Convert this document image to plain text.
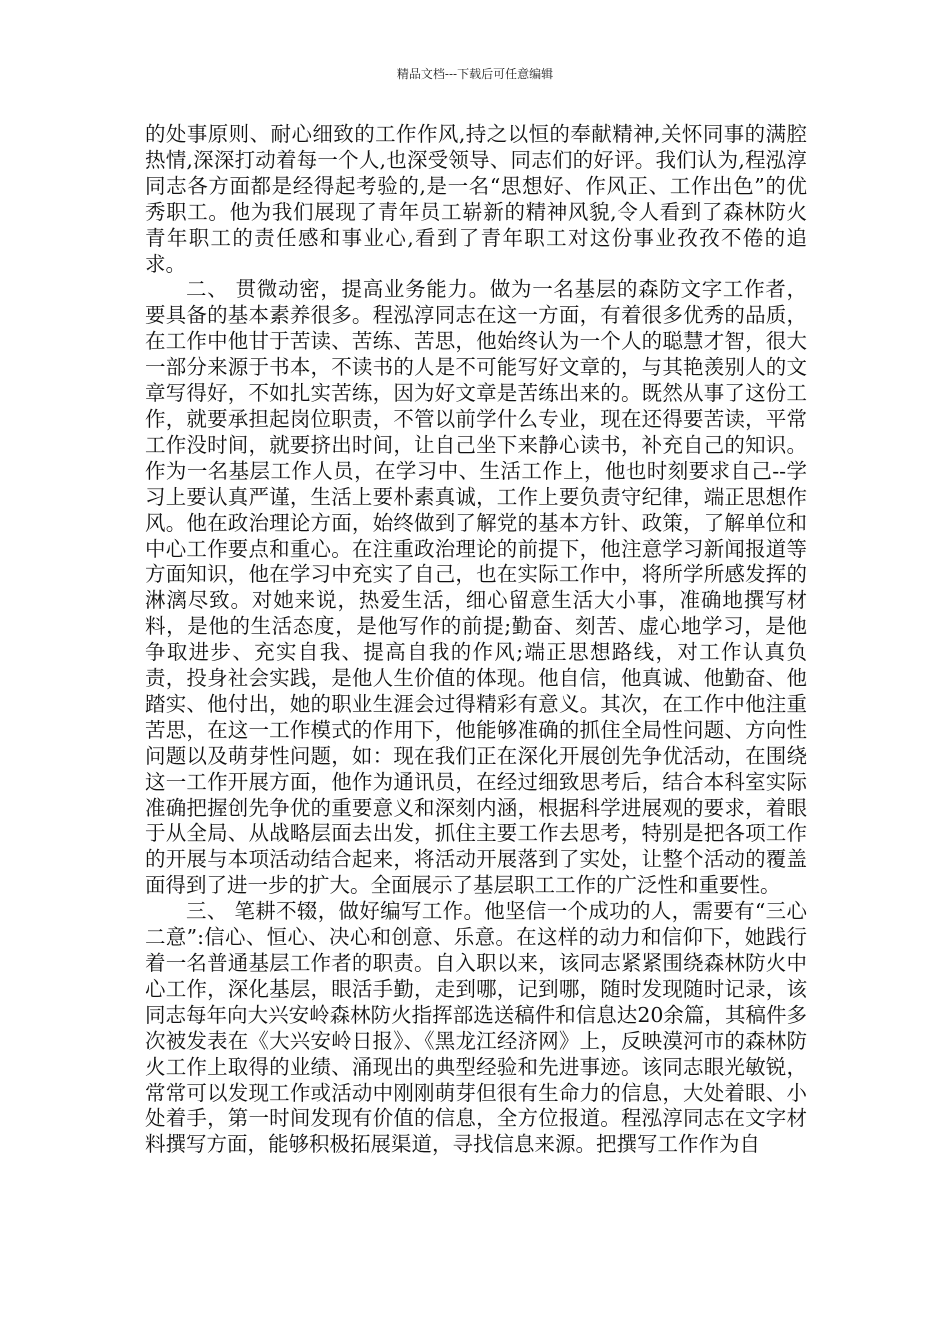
精品文档---下载后可任意编辑

的处事原则、耐心细致的工作作风,持之以恒的奉献精神,关怀同事的满腔热情,深深打动着每一个人,也深受领导、同志们的好评。我们认为,程泓淳同志各方面都是经得起考验的,是一名“思想好、作风正、工作出色”的优秀职工。他为我们展现了青年员工崭新的精神风貌,令人看到了森林防火青年职工的责任感和事业心,看到了青年职工对这份事业孜孜不倦的追求。

二、 贯微动密，提高业务能力。做为一名基层的森防文字工作者，要具备的基本素养很多。程泓淳同志在这一方面，有着很多优秀的品质，在工作中他甘于苦读、苦练、苦思，他始终认为一个人的聪慧才智，很大一部分来源于书本，不读书的人是不可能写好文章的，与其艳羡别人的文章写得好，不如扎实苦练，因为好文章是苦练出来的。既然从事了这份工作，就要承担起岗位职责，不管以前学什么专业，现在还得要苦读，平常工作没时间，就要挤出时间，让自己坐下来静心读书，补充自己的知识。作为一名基层工作人员，在学习中、生活工作上，他也时刻要求自己--学习上要认真严谨，生活上要朴素真诚，工作上要负责守纪律，端正思想作风。他在政治理论方面，始终做到了解党的基本方针、政策，了解单位和中心工作要点和重心。在注重政治理论的前提下，他注意学习新闻报道等方面知识，他在学习中充实了自己，也在实际工作中，将所学所感发挥的淋漓尽致。对她来说，热爱生活，细心留意生活大小事，准确地撰写材料，是他的生活态度，是他写作的前提;勤奋、刻苦、虚心地学习，是他争取进步、充实自我、提高自我的作风;端正思想路线，对工作认真负责，投身社会实践，是他人生价值的体现。他自信，他真诚、他勤奋、他踏实、他付出，她的职业生涯会过得精彩有意义。其次，在工作中他注重苦思，在这一工作模式的作用下，他能够准确的抓住全局性问题、方向性问题以及萌芽性问题，如：现在我们正在深化开展创先争优活动，在围绕这一工作开展方面，他作为通讯员，在经过细致思考后，结合本科室实际准确把握创先争优的重要意义和深刻内涵，根据科学进展观的要求，着眼于从全局、从战略层面去出发，抓住主要工作去思考，特别是把各项工作的开展与本项活动结合起来，将活动开展落到了实处，让整个活动的覆盖面得到了进一步的扩大。全面展示了基层职工工作的广泛性和重要性。

三、 笔耕不辍，做好编写工作。他坚信一个成功的人，需要有“三心二意”:信心、恒心、决心和创意、乐意。在这样的动力和信仰下，她践行着一名普通基层工作者的职责。自入职以来，该同志紧紧围绕森林防火中心工作，深化基层，眼活手勤，走到哪，记到哪，随时发现随时记录，该同志每年向大兴安岭森林防火指挥部选送稿件和信息达20余篇，其稿件多次被发表在《大兴安岭日报》、《黑龙江经济网》上，反映漠河市的森林防火工作上取得的业绩、涌现出的典型经验和先进事迹。该同志眼光敏锐，常常可以发现工作或活动中刚刚萌芽但很有生命力的信息，大处着眼、小处着手，第一时间发现有价值的信息，全方位报道。程泓淳同志在文字材料撰写方面，能够积极拓展渠道，寻找信息来源。把撰写工作作为自
